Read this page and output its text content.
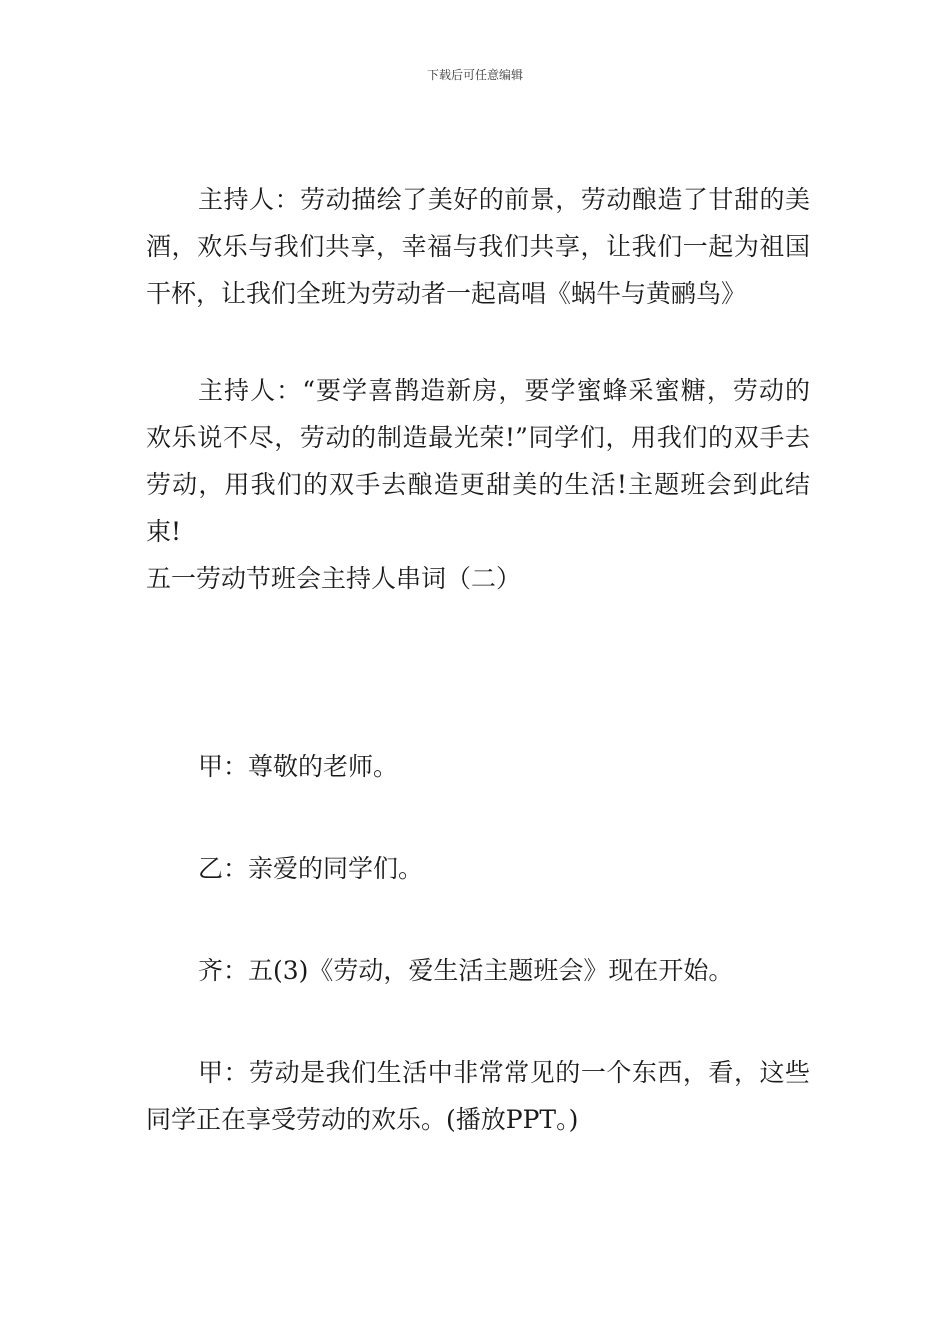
下载后可任意编辑

主持人：劳动描绘了美好的前景，劳动酿造了甘甜的美酒，欢乐与我们共享，幸福与我们共享，让我们一起为祖国干杯，让我们全班为劳动者一起高唱《蜗牛与黄鹂鸟》

主持人：“要学喜鹊造新房，要学蜜蜂采蜜糖，劳动的欢乐说不尽，劳动的制造最光荣!”同学们，用我们的双手去劳动，用我们的双手去酿造更甜美的生活!主题班会到此结束!

五一劳动节班会主持人串词（二）

甲：尊敬的老师。

乙：亲爱的同学们。

齐：五(3)《劳动，爱生活主题班会》现在开始。

甲：劳动是我们生活中非常常见的一个东西，看，这些同学正在享受劳动的欢乐。(播放PPT。)
